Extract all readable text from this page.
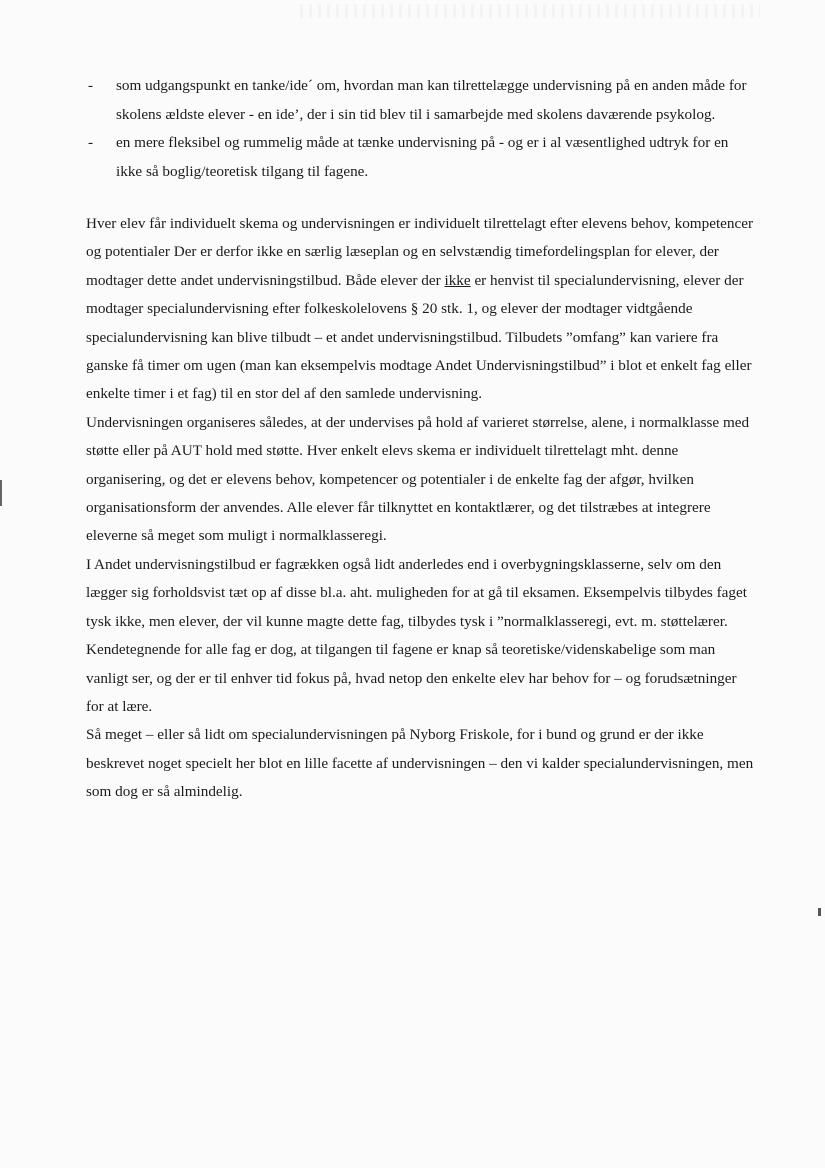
- som udgangspunkt en tanke/ide´ om, hvordan man kan tilrettelægge undervisning på en anden måde for skolens ældste elever - en ide’, der i sin tid blev til i samarbejde med skolens daværende psykolog.
- en mere fleksibel og rummelig måde at tænke undervisning på - og er i al væsentlighed udtryk for en ikke så boglig/teoretisk tilgang til fagene.

Hver elev får individuelt skema og undervisningen er individuelt tilrettelagt efter elevens behov, kompetencer og potentialer Der er derfor ikke en særlig læseplan og en selvstændig timefordelingsplan for elever, der modtager dette andet undervisningstilbud. Både elever der ikke er henvist til specialundervisning, elever der modtager specialundervisning efter folkeskolelovens § 20 stk. 1, og elever der modtager vidtgående specialundervisning kan blive tilbudt – et andet undervisningstilbud. Tilbudets ”omfang” kan variere fra ganske få timer om ugen (man kan eksempelvis modtage Andet Undervisningstilbud” i blot et enkelt fag eller enkelte timer i et fag) til en stor del af den samlede undervisning.

Undervisningen organiseres således, at der undervises på hold af varieret størrelse, alene, i normalklasse med støtte eller på AUT hold med støtte. Hver enkelt elevs skema er individuelt tilrettelagt mht. denne organisering, og det er elevens behov, kompetencer og potentialer i de enkelte fag der afgør, hvilken organisationsform der anvendes. Alle elever får tilknyttet en kontaktlærer, og det tilstræbes at integrere eleverne så meget som muligt i normalklasseregi.

I Andet undervisningstilbud er fagrækken også lidt anderledes end i overbygningsklasserne, selv om den lægger sig forholdsvist tæt op af disse bl.a. aht. muligheden for at gå til eksamen. Eksempelvis tilbydes faget tysk ikke, men elever, der vil kunne magte dette fag, tilbydes tysk i ”normalklasseregi, evt. m. støttelærer. Kendetegnende for alle fag er dog, at tilgangen til fagene er knap så teoretiske/videnskabelige som man vanligt ser, og der er til enhver tid fokus på, hvad netop den enkelte elev har behov for – og forudsætninger for at lære.

Så meget – eller så lidt om specialundervisningen på Nyborg Friskole, for i bund og grund er der ikke beskrevet noget specielt her blot en lille facette af undervisningen – den vi kalder specialundervisningen, men som dog er så almindelig.
